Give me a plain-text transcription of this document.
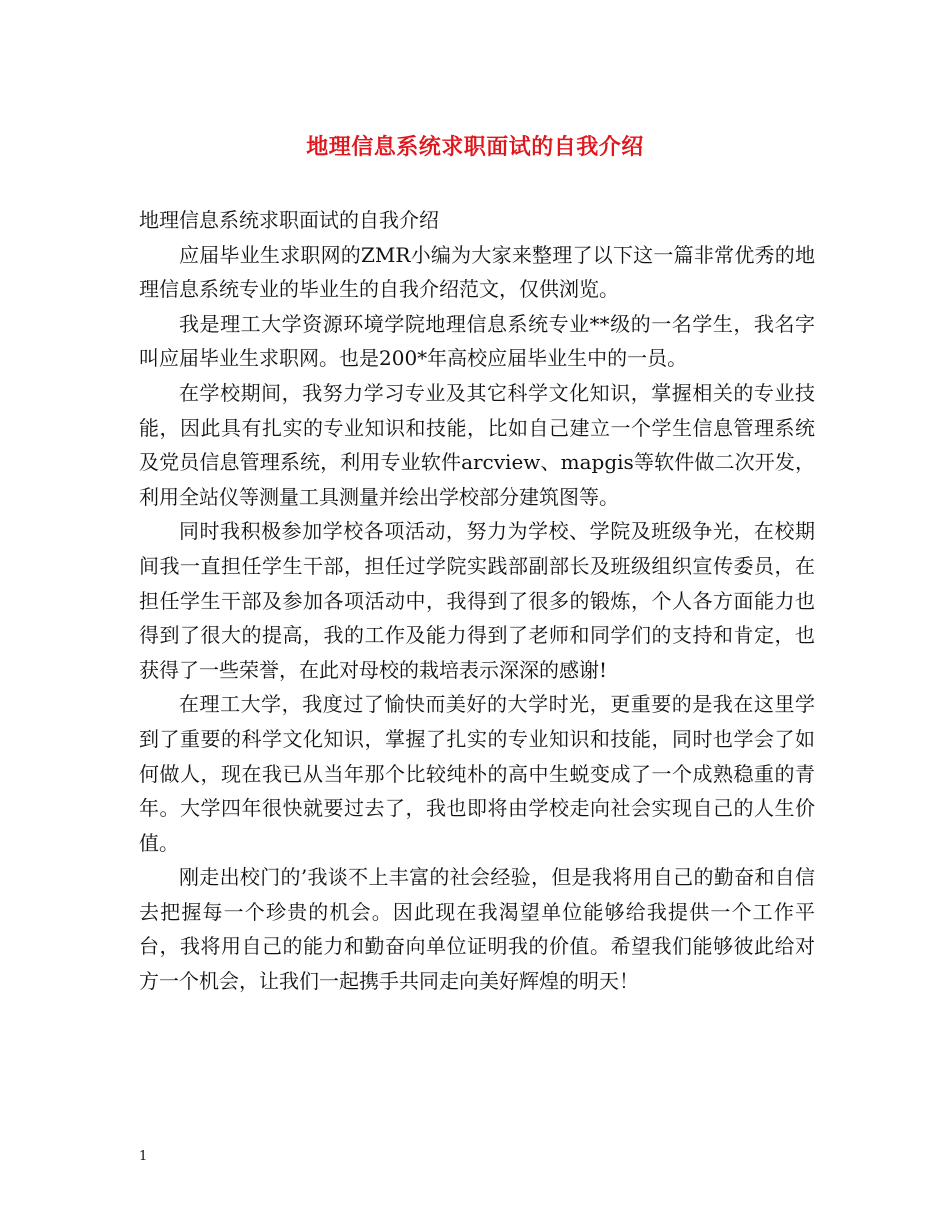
地理信息系统求职面试的自我介绍

地理信息系统求职面试的自我介绍

应届毕业生求职网的ZMR小编为大家来整理了以下这一篇非常优秀的地理信息系统专业的毕业生的自我介绍范文，仅供浏览。

我是理工大学资源环境学院地理信息系统专业**级的一名学生，我名字叫应届毕业生求职网。也是200*年高校应届毕业生中的一员。

在学校期间，我努力学习专业及其它科学文化知识，掌握相关的专业技能，因此具有扎实的专业知识和技能，比如自己建立一个学生信息管理系统及党员信息管理系统，利用专业软件arcview、mapgis等软件做二次开发，利用全站仪等测量工具测量并绘出学校部分建筑图等。

同时我积极参加学校各项活动，努力为学校、学院及班级争光，在校期间我一直担任学生干部，担任过学院实践部副部长及班级组织宣传委员，在担任学生干部及参加各项活动中，我得到了很多的锻炼，个人各方面能力也得到了很大的提高，我的工作及能力得到了老师和同学们的支持和肯定，也获得了一些荣誉，在此对母校的栽培表示深深的感谢!

在理工大学，我度过了愉快而美好的大学时光，更重要的是我在这里学到了重要的科学文化知识，掌握了扎实的专业知识和技能，同时也学会了如何做人，现在我已从当年那个比较纯朴的高中生蜕变成了一个成熟稳重的青年。大学四年很快就要过去了，我也即将由学校走向社会实现自己的人生价值。

刚走出校门的’我谈不上丰富的社会经验，但是我将用自己的勤奋和自信去把握每一个珍贵的机会。因此现在我渴望单位能够给我提供一个工作平台，我将用自己的能力和勤奋向单位证明我的价值。希望我们能够彼此给对方一个机会，让我们一起携手共同走向美好辉煌的明天！

1
